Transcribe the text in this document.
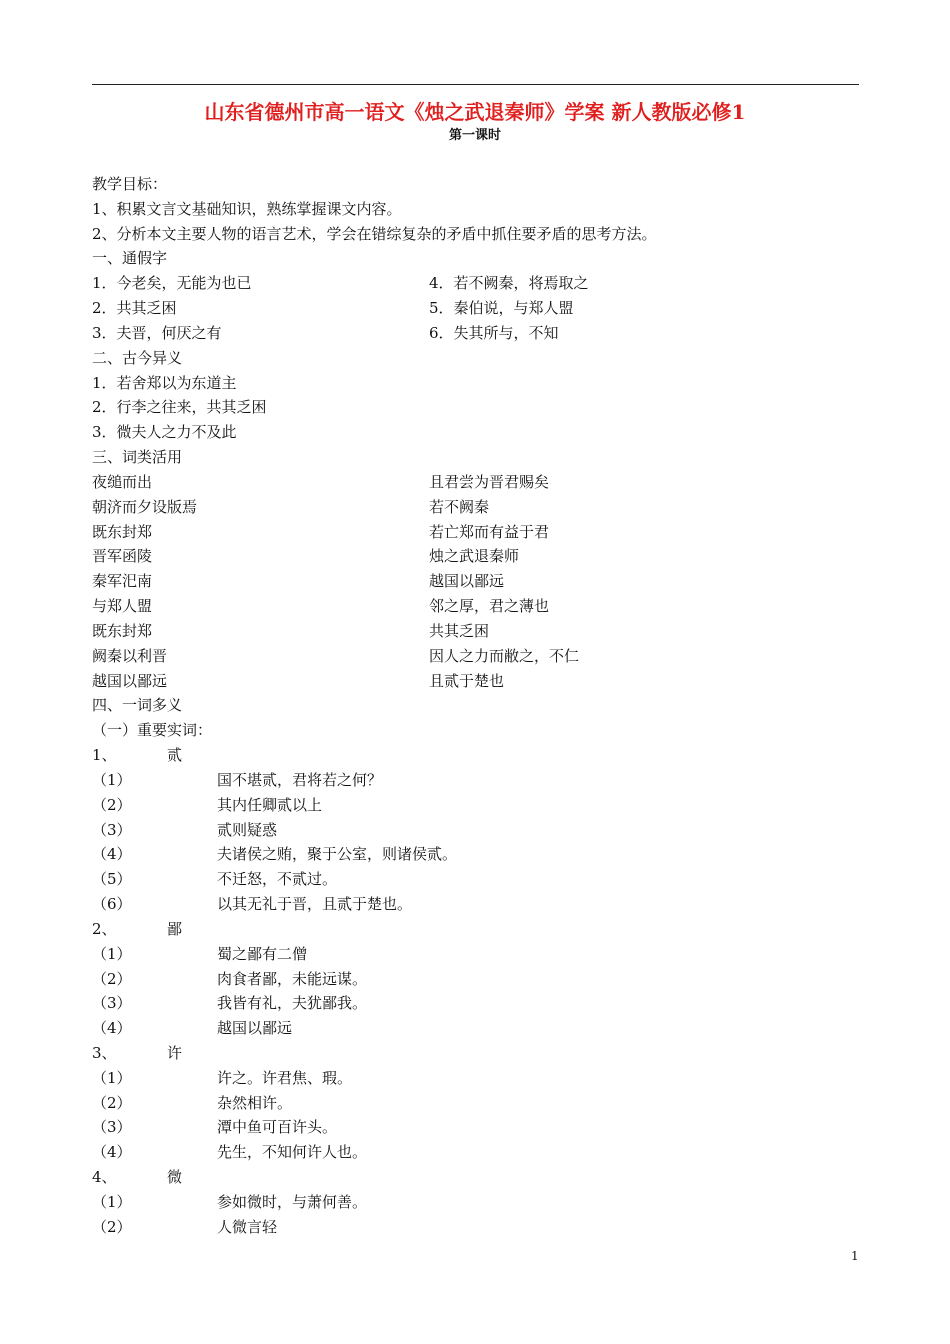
山东省德州市高一语文《烛之武退秦师》学案 新人教版必修1
第一课时
教学目标：
1、积累文言文基础知识，熟练掌握课文内容。
2、分析本文主要人物的语言艺术，学会在错综复杂的矛盾中抓住要矛盾的思考方法。
一、通假字
1．今老矣，无能为也已	4．若不阙秦，将焉取之
2．共其乏困	5．秦伯说，与郑人盟
3．夫晋，何厌之有	6．失其所与，不知
二、古今异义
1．若舍郑以为东道主
2．行李之往来，共其乏困
3．微夫人之力不及此
三、词类活用
夜缒而出	且君尝为晋君赐矣
朝济而夕设版焉	若不阙秦
既东封郑	若亡郑而有益于君
晋军函陵	烛之武退秦师
秦军汜南	越国以鄙远
与郑人盟	邻之厚，君之薄也
既东封郑	共其乏困
阙秦以利晋	因人之力而敝之，不仁
越国以鄙远	且贰于楚也
四、一词多义
（一）重要实词：
1、	贰
（1）	国不堪贰，君将若之何？
（2）	其内任卿贰以上
（3）	贰则疑惑
（4）	夫诸侯之贿，聚于公室，则诸侯贰。
（5）	不迁怒，不贰过。
（6）	以其无礼于晋，且贰于楚也。
2、	鄙
（1）	蜀之鄙有二僧
（2）	肉食者鄙，未能远谋。
（3）	我皆有礼，夫犹鄙我。
（4）	越国以鄙远
3、	许
（1）	许之。许君焦、瑕。
（2）	杂然相许。
（3）	潭中鱼可百许头。
（4）	先生，不知何许人也。
4、	微
（1）	参如微时，与萧何善。
（2）	人微言轻
1
